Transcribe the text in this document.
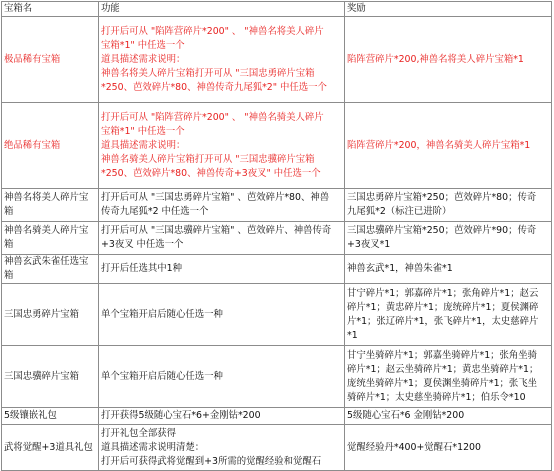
宝箱名	功能	奖励
极品稀有宝箱	打开后可从 "陷阵营碎片*200" 、 "神兽名将美人碎片
宝箱*1" 中任选一个
道具描述需求说明：
神兽名将美人碎片宝箱打开可从 "三国忠勇碎片宝箱
*250、芭效碎片*80、神兽传奇九尾狐*2" 中任选一个	陷阵营碎片*200,神兽名将美人碎片宝箱*1

绝品稀有宝箱	打开后可从 "陷阵营碎片*200" 、 "神兽名骑美人碎片
宝箱*1" 中任选一个
道具描述需求说明：
神兽名骑美人碎片宝箱打开可从 "三国忠骥碎片宝箱
*250、芭效碎片*80、神兽传奇+3夜叉" 中任选一个	陷阵营碎片*200，神兽名骑美人碎片宝箱*1

神兽名将美人碎片宝箱	打开后可从 "三国忠勇碎片宝箱" 、芭效碎片*80、神兽
传奇九尾狐*2 中任选一个	三国忠勇碎片宝箱*250；芭效碎片*80；传奇
九尾狐*2（标注已进阶）

神兽名骑美人碎片宝箱	打开后可从 "三国忠骥碎片宝箱" 、芭效碎片、神兽传奇
+3夜叉 中任选一个	三国忠骥碎片宝箱*250；芭效碎片*90；传奇
+3夜叉*1

神兽玄武朱雀任选宝箱	打开后任选其中1种	神兽玄武*1，神兽朱雀*1

三国忠勇碎片宝箱	单个宝箱开启后随心任选一种	甘宁碎片*1；郭嘉碎片*1；张角碎片*1；赵云
碎片*1；黄忠碎片*1；庞统碎片*1；夏侯渊碎
片*1；张辽碎片*1，张飞碎片*1，太史慈碎片
*1

三国忠骥碎片宝箱	单个宝箱开启后随心任选一种	甘宁坐骑碎片*1；郭嘉坐骑碎片*1；张角坐骑
碎片*1；赵云坐骑碎片*1；黄忠坐骑碎片*1；
庞统坐骑碎片*1；夏侯渊坐骑碎片*1；张飞坐
骑碎片*1；太史慈坐骑碎片*1；伯乐令*10

5级镶嵌礼包	打开获得5级随心宝石*6+金刚钻*200	5级随心宝石*6 金刚钻*200

武将觉醒+3道具礼包	打开礼包全部获得
道具描述需求说明清楚：
打开后可获得武将觉醒到+3所需的觉醒经验和觉醒石	觉醒经验丹*400+觉醒石*1200
